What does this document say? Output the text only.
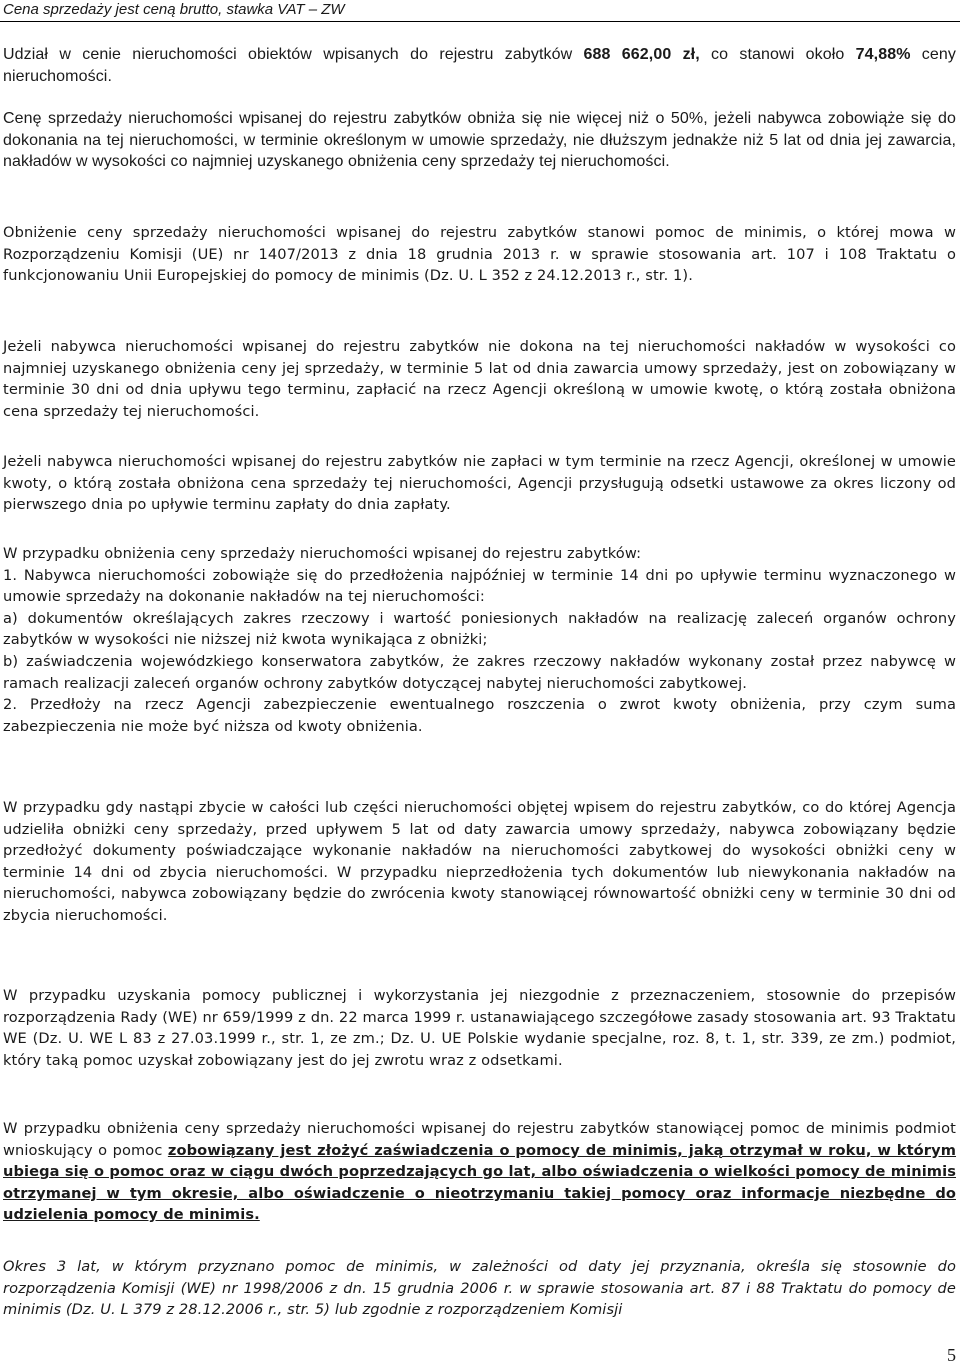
Cena sprzedaży jest ceną brutto, stawka VAT – ZW

Udział w cenie nieruchomości obiektów wpisanych do rejestru zabytków 688 662,00 zł, co stanowi około 74,88% ceny nieruchomości.

Cenę sprzedaży nieruchomości wpisanej do rejestru zabytków obniża się nie więcej niż o 50%, jeżeli nabywca zobowiąże się do dokonania na tej nieruchomości, w terminie określonym w umowie sprzedaży, nie dłuższym jednakże niż 5 lat od dnia jej zawarcia, nakładów w wysokości co najmniej uzyskanego obniżenia ceny sprzedaży tej nieruchomości.

Obniżenie ceny sprzedaży nieruchomości wpisanej do rejestru zabytków stanowi pomoc de minimis, o której mowa w Rozporządzeniu Komisji (UE) nr 1407/2013 z dnia 18 grudnia 2013 r. w sprawie stosowania art. 107 i 108 Traktatu o funkcjonowaniu Unii Europejskiej do pomocy de minimis (Dz. U. L 352 z 24.12.2013 r., str. 1).

Jeżeli nabywca nieruchomości wpisanej do rejestru zabytków nie dokona na tej nieruchomości nakładów w wysokości co najmniej uzyskanego obniżenia ceny jej sprzedaży, w terminie 5 lat od dnia zawarcia umowy sprzedaży, jest on zobowiązany w terminie 30 dni od dnia upływu tego terminu, zapłacić na rzecz Agencji określoną w umowie kwotę, o którą została obniżona cena sprzedaży tej nieruchomości.

Jeżeli nabywca nieruchomości wpisanej do rejestru zabytków nie zapłaci w tym terminie na rzecz Agencji, określonej w umowie kwoty, o którą została obniżona cena sprzedaży tej nieruchomości, Agencji przysługują odsetki ustawowe za okres liczony od pierwszego dnia po upływie terminu zapłaty do dnia zapłaty.

W przypadku obniżenia ceny sprzedaży nieruchomości wpisanej do rejestru zabytków:
1. Nabywca nieruchomości zobowiąże się do przedłożenia najpóźniej w terminie 14 dni po upływie terminu wyznaczonego w umowie sprzedaży na dokonanie nakładów na tej nieruchomości:
a) dokumentów określających zakres rzeczowy i wartość poniesionych nakładów na realizację zaleceń organów ochrony zabytków w wysokości nie niższej niż kwota wynikająca z obniżki;
b) zaświadczenia wojewódzkiego konserwatora zabytków, że zakres rzeczowy nakładów wykonany został przez nabywcę w ramach realizacji zaleceń organów ochrony zabytków dotyczącej nabytej nieruchomości zabytkowej.
2. Przedłoży na rzecz Agencji zabezpieczenie ewentualnego roszczenia o zwrot kwoty obniżenia, przy czym suma zabezpieczenia nie może być niższa od kwoty obniżenia.

W przypadku gdy nastąpi zbycie w całości lub części nieruchomości objętej wpisem do rejestru zabytków, co do której Agencja udzieliła obniżki ceny sprzedaży, przed upływem 5 lat od daty zawarcia umowy sprzedaży, nabywca zobowiązany będzie przedłożyć dokumenty poświadczające wykonanie nakładów na nieruchomości zabytkowej do wysokości obniżki ceny w terminie 14 dni od zbycia nieruchomości. W przypadku nieprzedłożenia tych dokumentów lub niewykonania nakładów na nieruchomości, nabywca zobowiązany będzie do zwrócenia kwoty stanowiącej równowartość obniżki ceny w terminie 30 dni od zbycia nieruchomości.

W przypadku uzyskania pomocy publicznej i wykorzystania jej niezgodnie z przeznaczeniem, stosownie do przepisów rozporządzenia Rady (WE) nr 659/1999 z dn. 22 marca 1999 r. ustanawiającego szczegółowe zasady stosowania art. 93 Traktatu WE (Dz. U. WE L 83 z 27.03.1999 r., str. 1, ze zm.; Dz. U. UE Polskie wydanie specjalne, roz. 8, t. 1, str. 339, ze zm.) podmiot, który taką pomoc uzyskał zobowiązany jest do jej zwrotu wraz z odsetkami.

W przypadku obniżenia ceny sprzedaży nieruchomości wpisanej do rejestru zabytków stanowiącej pomoc de minimis podmiot wnioskujący o pomoc zobowiązany jest złożyć zaświadczenia o pomocy de minimis, jaką otrzymał w roku, w którym ubiega się o pomoc oraz w ciągu dwóch poprzedzających go lat, albo oświadczenia o wielkości pomocy de minimis otrzymanej w tym okresie, albo oświadczenie o nieotrzymaniu takiej pomocy oraz informacje niezbędne do udzielenia pomocy de minimis.

Okres 3 lat, w którym przyznano pomoc de minimis, w zależności od daty jej przyznania, określa się stosownie do rozporządzenia Komisji (WE) nr 1998/2006 z dn. 15 grudnia 2006 r. w sprawie stosowania art. 87 i 88 Traktatu do pomocy de minimis (Dz. U. L 379 z 28.12.2006 r., str. 5) lub zgodnie z rozporządzeniem Komisji

5
